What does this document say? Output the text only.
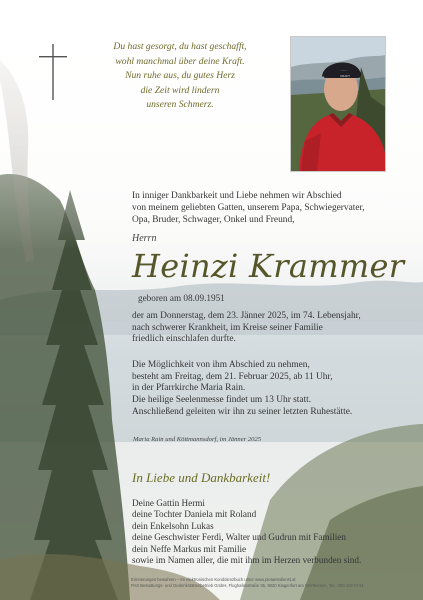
Du hast gesorgt, du hast geschafft,
wohl manchmal über deine Kraft.
Nun ruhe aus, du gutes Herz
die Zeit wird lindern
unseren Schmerz.

CRAFT

In inniger Dankbarkeit und Liebe nehmen wir Abschied
von meinem geliebten Gatten, unserem Papa, Schwiegervater,
Opa, Bruder, Schwager, Onkel und Freund,

Herrn
Heinzi Krammer
geboren am 08.09.1951

der am Donnerstag, dem 23. Jänner 2025, im 74. Lebensjahr,
nach schwerer Krankheit, im Kreise seiner Familie
friedlich einschlafen durfte.

Die Möglichkeit von ihm Abschied zu nehmen,
besteht am Freitag, dem 21. Februar 2025, ab 11 Uhr,
in der Pfarrkirche Maria Rain.
Die heilige Seelenmesse findet um 13 Uhr statt.
Anschließend geleiten wir ihn zu seiner letzten Ruhestätte.

Maria Rain und Köttmannsdorf, im Jänner 2025
In Liebe und Dankbarkeit!

Deine Gattin Hermi
deine Tochter Daniela mit Roland
dein Enkelsohn Lukas
deine Geschwister Ferdi, Walter und Gudrun mit Familien
dein Neffe Markus mit Familie
sowie im Namen aller, die mit ihm im Herzen verbunden sind.

Erinnerungen bewahren – Im elektronischen Kondolenzbuch unter www.pietaetsdienst.at
PAX Bestattungs- und Gedenkstättenbetrieb GmbH, Flughafenstraße 35, 9020 Klagenfurt am Wörthersee, Tel.: 050 190 0744
